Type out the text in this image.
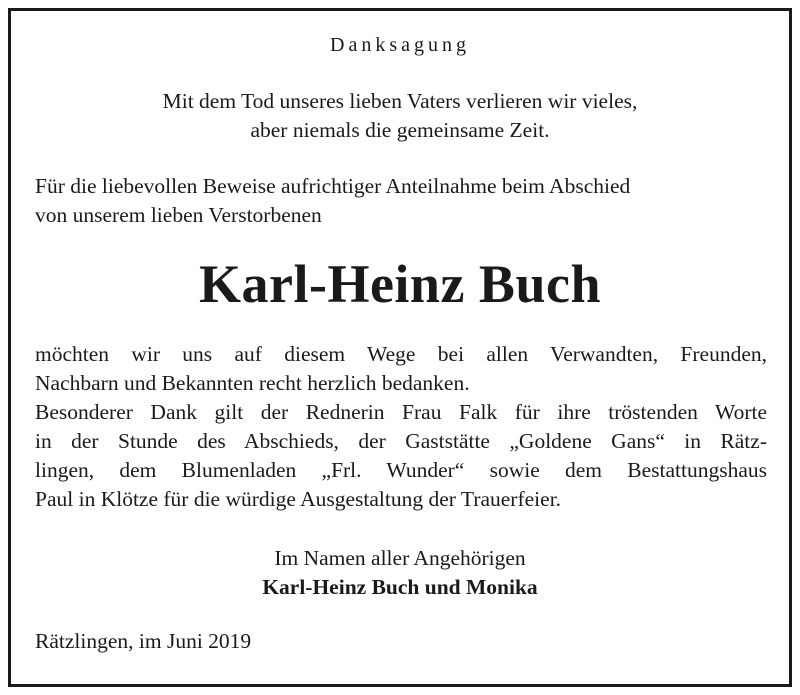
Danksagung
Mit dem Tod unseres lieben Vaters verlieren wir vieles,
aber niemals die gemeinsame Zeit.
Für die liebevollen Beweise aufrichtiger Anteilnahme beim Abschied
von unserem lieben Verstorbenen
Karl-Heinz Buch
möchten wir uns auf diesem Wege bei allen Verwandten, Freunden,
Nachbarn und Bekannten recht herzlich bedanken.
Besonderer Dank gilt der Rednerin Frau Falk für ihre tröstenden Worte
in der Stunde des Abschieds, der Gaststätte „Goldene Gans“ in Rätz-
lingen, dem Blumenladen „Frl. Wunder“ sowie dem Bestattungshaus
Paul in Klötze für die würdige Ausgestaltung der Trauerfeier.
Im Namen aller Angehörigen
Karl-Heinz Buch und Monika
Rätzlingen, im Juni 2019
